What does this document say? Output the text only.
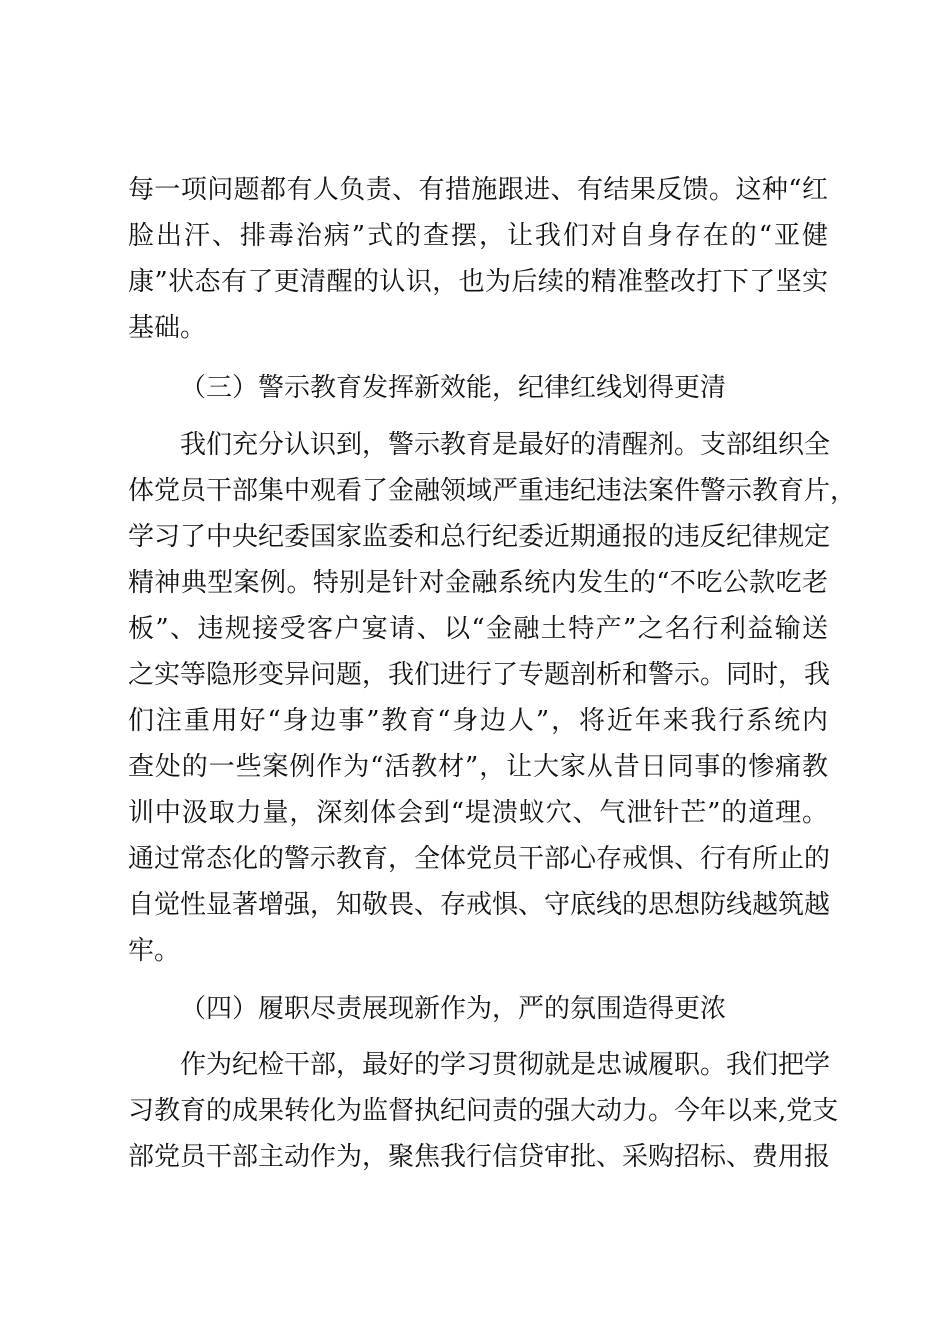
每一项问题都有人负责、有措施跟进、有结果反馈。这种“红
脸出汗、排毒治病”式的查摆，让我们对自身存在的“亚健
康”状态有了更清醒的认识，也为后续的精准整改打下了坚实
基础。
（三）警示教育发挥新效能，纪律红线划得更清
我们充分认识到，警示教育是最好的清醒剂。支部组织全
体党员干部集中观看了金融领域严重违纪违法案件警示教育片，
学习了中央纪委国家监委和总行纪委近期通报的违反纪律规定
精神典型案例。特别是针对金融系统内发生的“不吃公款吃老
板”、违规接受客户宴请、以“金融土特产”之名行利益输送
之实等隐形变异问题，我们进行了专题剖析和警示。同时，我
们注重用好“身边事”教育“身边人”，将近年来我行系统内
查处的一些案例作为“活教材”，让大家从昔日同事的惨痛教
训中汲取力量，深刻体会到“堤溃蚁穴、气泄针芒”的道理。
通过常态化的警示教育，全体党员干部心存戒惧、行有所止的
自觉性显著增强，知敬畏、存戒惧、守底线的思想防线越筑越
牢。
（四）履职尽责展现新作为，严的氛围造得更浓
作为纪检干部，最好的学习贯彻就是忠诚履职。我们把学
习教育的成果转化为监督执纪问责的强大动力。今年以来,党支
部党员干部主动作为，聚焦我行信贷审批、采购招标、费用报
